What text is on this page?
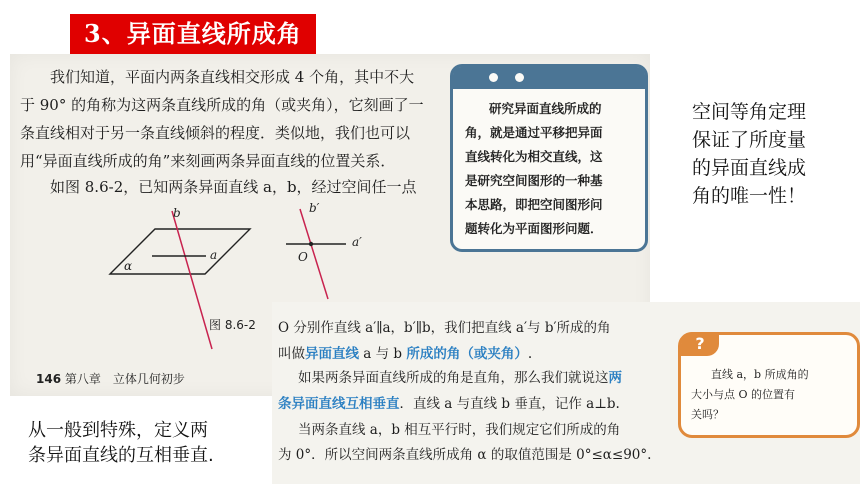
3、异面直线所成角
我们知道，平面内两条直线相交形成 4 个角，其中不大
于 90° 的角称为这两条直线所成的角（或夹角），它刻画了一
条直线相对于另一条直线倾斜的程度．类似地，我们也可以
用“异面直线所成的角”来刻画两条异面直线的位置关系．
如图 8.6-2，已知两条异面直线 a，b，经过空间任一点
研究异面直线所成的
角，就是通过平移把异面
直线转化为相交直线，这
是研究空间图形的一种基
本思路，即把空间图形问
题转化为平面图形问题．
b
a
α
b′
a′
O
图 8.6-2
146 第八章　立体几何初步
空间等角定理
保证了所度量
的异面直线成
角的唯一性！
O 分别作直线 a′∥a，b′∥b，我们把直线 a′与 b′所成的角
叫做异面直线 a 与 b 所成的角（或夹角）.
如果两条异面直线所成的角是直角，那么我们就说这两
条异面直线互相垂直．直线 a 与直线 b 垂直，记作 a⊥b.
当两条直线 a，b 相互平行时，我们规定它们所成的角
为 0°．所以空间两条直线所成角 α 的取值范围是 0°≤α≤90°.
?
直线 a，b 所成角的
大小与点 O 的位置有
关吗？
从一般到特殊，定义两
条异面直线的互相垂直.
